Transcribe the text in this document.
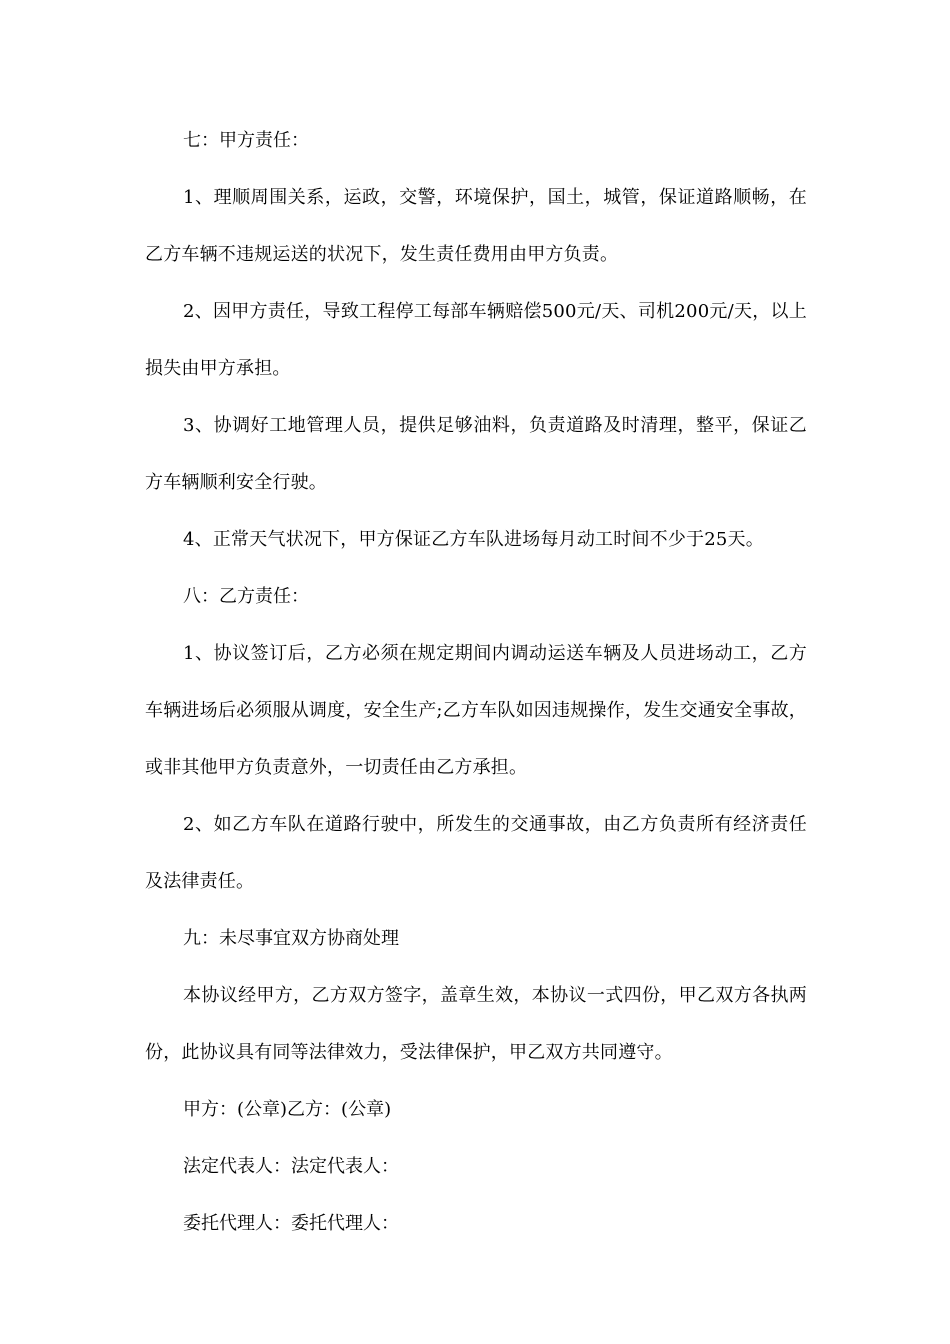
七：甲方责任：

1、理顺周围关系，运政，交警，环境保护，国土，城管，保证道路顺畅，在乙方车辆不违规运送的状况下，发生责任费用由甲方负责。

2、因甲方责任，导致工程停工每部车辆赔偿500元/天、司机200元/天，以上损失由甲方承担。

3、协调好工地管理人员，提供足够油料，负责道路及时清理，整平，保证乙方车辆顺利安全行驶。

4、正常天气状况下，甲方保证乙方车队进场每月动工时间不少于25天。

八：乙方责任：

1、协议签订后，乙方必须在规定期间内调动运送车辆及人员进场动工，乙方车辆进场后必须服从调度，安全生产;乙方车队如因违规操作，发生交通安全事故，或非其他甲方负责意外，一切责任由乙方承担。

2、如乙方车队在道路行驶中，所发生的交通事故，由乙方负责所有经济责任及法律责任。

九：未尽事宜双方协商处理

本协议经甲方，乙方双方签字，盖章生效，本协议一式四份，甲乙双方各执两份，此协议具有同等法律效力，受法律保护，甲乙双方共同遵守。

甲方：(公章)乙方：(公章)

法定代表人：法定代表人：

委托代理人：委托代理人：
